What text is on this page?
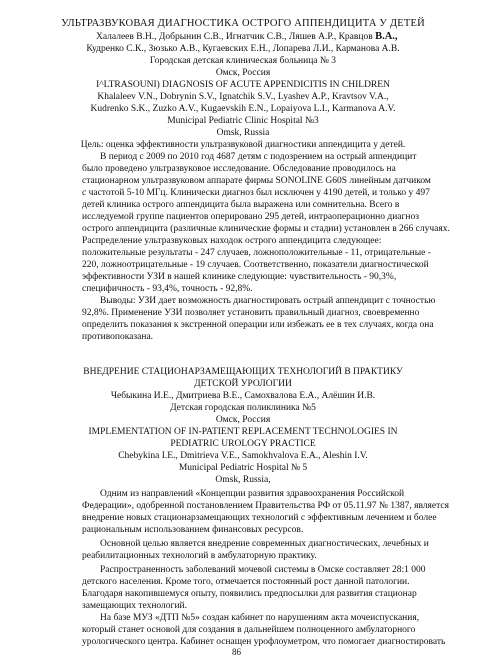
УЛЬТРАЗВУКОВАЯ ДИАГНОСТИКА ОСТРОГО АППЕНДИЦИТА У ДЕТЕЙ
Халалеев В.Н., Добрынин С.В., Игнатчик С.В., Ляшев А.Р., Кравцов В.А.,
Кудренко С.К., Зюзько А.В., Кугаевских Е.Н., Лопарева Л.И., Карманова А.В.
Городская детская клиническая больница № 3
Омск, Россия
I^LTRASOUNI) DIAGNOSIS OF ACUTE APPENDICITIS IN CHILDREN
Khalaleev V.N., Dobrynin S.V., Ignatchik S.V., Lyashev A.P., Kravtsov V.A.,
Kudrenko S.K., Zuzko A.V., Kugaevskih E.N., Lopaiyova L.I., Karmanova A.V.
Municipal Pediatric Clinic Hospital №3
Omsk, Russia
Цель: оценка эффективности ультразвуковой диагностики аппендицита у детей.
В период с 2009 по 2010 год 4687 детям с подозрением на острый аппендицит
было проведено ультразвуковое исследование. Обследование проводилось на
стационарном ультразвуковом аппарате фирмы SONOLINE G60S линейным датчиком
с частотой 5-10 МГц. Клинически диагноз был исключен у 4190 детей, и только у 497
детей клиника острого аппендицита была выражена или сомнительна. Всего в
исследуемой группе пациентов оперировано 295 детей, интраоперационно диагноз
острого аппендицита (различные клинические формы и стадии) установлен в 266 случаях.
Распределение ультразвуковых находок острого аппендицита следующее:
положительные результаты - 247 случаев, ложноположительные - 11, отрицательные -
220, ложноотрицательные - 19 случаев. Соответственно, показатели диагностической
эффективности УЗИ в нашей клинике следующие: чувствительность - 90,3%,
специфичность - 93,4%, точность - 92,8%.
Выводы: УЗИ дает возможность диагностировать острый аппендицит с точностью
92,8%. Применение УЗИ позволяет установить правильный диагноз, своевременно
определить показания к экстренной операции или избежать ее в тех случаях, когда она
противопоказана.
ВНЕДРЕНИЕ СТАЦИОНАРЗАМЕЩАЮЩИХ ТЕХНОЛОГИЙ В ПРАКТИКУ
ДЕТСКОЙ УРОЛОГИИ
Чебыкина И.Е., Дмитриева В.Е., Самохвалова Е.А., Алёшин И.В.
Детская городская поликлиника №5
Омск, Россия
IMPLEMENTATION OF IN-PATIENT REPLACEMENT TECHNOLOGIES IN
PEDIATRIC UROLOGY PRACTICE
Chebykina I.E., Dmitrieva V.E., Samokhvalova E.A., Aleshin I.V.
Municipal Pediatric Hospital № 5
Omsk, Russia,
Одним из направлений «Концепции развития здравоохранения Российской
Федерации», одобренной постановлением Правительства РФ от 05.11.97 № 1387, является
внедрение новых стационарзамещающих технологий с эффективным лечением и более
рациональным использованием финансовых ресурсов.
Основной целью является внедрение современных диагностических, лечебных и
реабилитационных технологий в амбулаторную практику.
Распространенность заболеваний мочевой системы в Омске составляет 28:1 000
детского населения. Кроме того, отмечается постоянный рост данной патологии.
Благодаря накопившемуся опыту, появились предпосылки для развития стационар
замещающих технологий.
На базе МУЗ «ДТП №5» создан кабинет по нарушениям акта мочеиспускания,
который станет основой для создания в дальнейшем полноценного амбулаторного
урологического центра. Кабинет оснащен урофлоуметром, что помогает диагностировать
86
